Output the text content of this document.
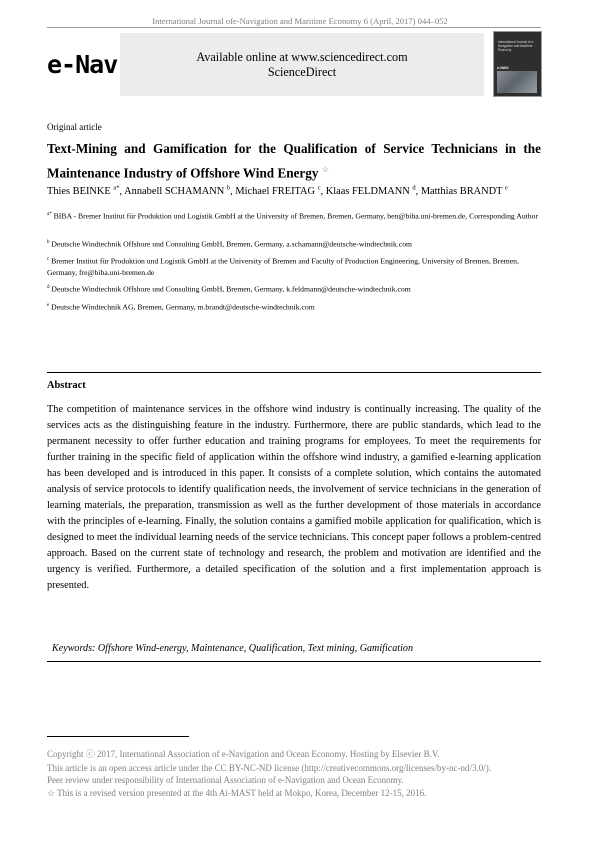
International Journal ofe-Navigation and Maritime Economy 6 (April, 2017) 044–052
e-Nav	Available online at www.sciencedirect.com
ScienceDirect
International Journal of e-Navigation and Maritime Economy
e-NAVI
Original article
Text-Mining and Gamification for the Qualification of Service Technicians in the Maintenance Industry of Offshore Wind Energy ☆
Thies BEINKE $^{a*}$, Annabell SCHAMANN $^b$, Michael FREITAG $^c$, Klaas FELDMANN $^d$, Matthias BRANDT $^e$
$^{a*}$ BIBA - Bremer Institut für Produktion und Logistik GmbH at the University of Bremen, Bremen, Germany, ben@biba.uni-bremen.de, Corresponding Author
$^b$ Deutsche Windtechnik Offshore und Consulting GmbH, Bremen, Germany, a.schamann@deutsche-windtechnik.com
$^c$ Bremer Institut für Produktion und Logistik GmbH at the University of Bremen and Faculty of Production Engineering, University of Bremen, Bremen, Germany, fre@biba.uni-bremen.de
$^d$ Deutsche Windtechnik Offshore und Consulting GmbH, Bremen, Germany, k.feldmann@deutsche-windtechnik.com
$^e$ Deutsche Windtechnik AG, Bremen, Germany, m.brandt@deutsche-windtechnik.com
Abstract
The competition of maintenance services in the offshore wind industry is continually increasing. The quality of the services acts as the distinguishing feature in the industry. Furthermore, there are public standards, which lead to the permanent necessity to offer further education and training programs for employees. To meet the requirements for further training in the specific field of application within the offshore wind industry, a gamified e-learning application has been developed and is introduced in this paper. It consists of a complete solution, which contains the automated analysis of service protocols to identify qualification needs, the involvement of service technicians in the generation of learning materials, the preparation, transmission as well as the further development of those materials in accordance with the principles of e-learning. Finally, the solution contains a gamified mobile application for qualification, which is designed to meet the individual learning needs of the service technicians. This concept paper follows a problem-centred approach. Based on the current state of technology and research, the problem and motivation are identified and the urgency is verified. Furthermore, a detailed specification of the solution and a first implementation approach is presented.
Keywords: Offshore Wind-energy, Maintenance, Qualification, Text mining, Gamification
Copyright ⓒ 2017, International Association of e-Navigation and Ocean Economy. Hosting by Elsevier B.V.
This article is an open access article under the CC BY-NC-ND license (http://creativecommons.org/licenses/by-nc-nd/3.0/).
Peer review under responsibility of International Association of e-Navigation and Ocean Economy.
☆ This is a revised version presented at the 4th Ai-MAST held at Mokpo, Korea, December 12-15, 2016.
